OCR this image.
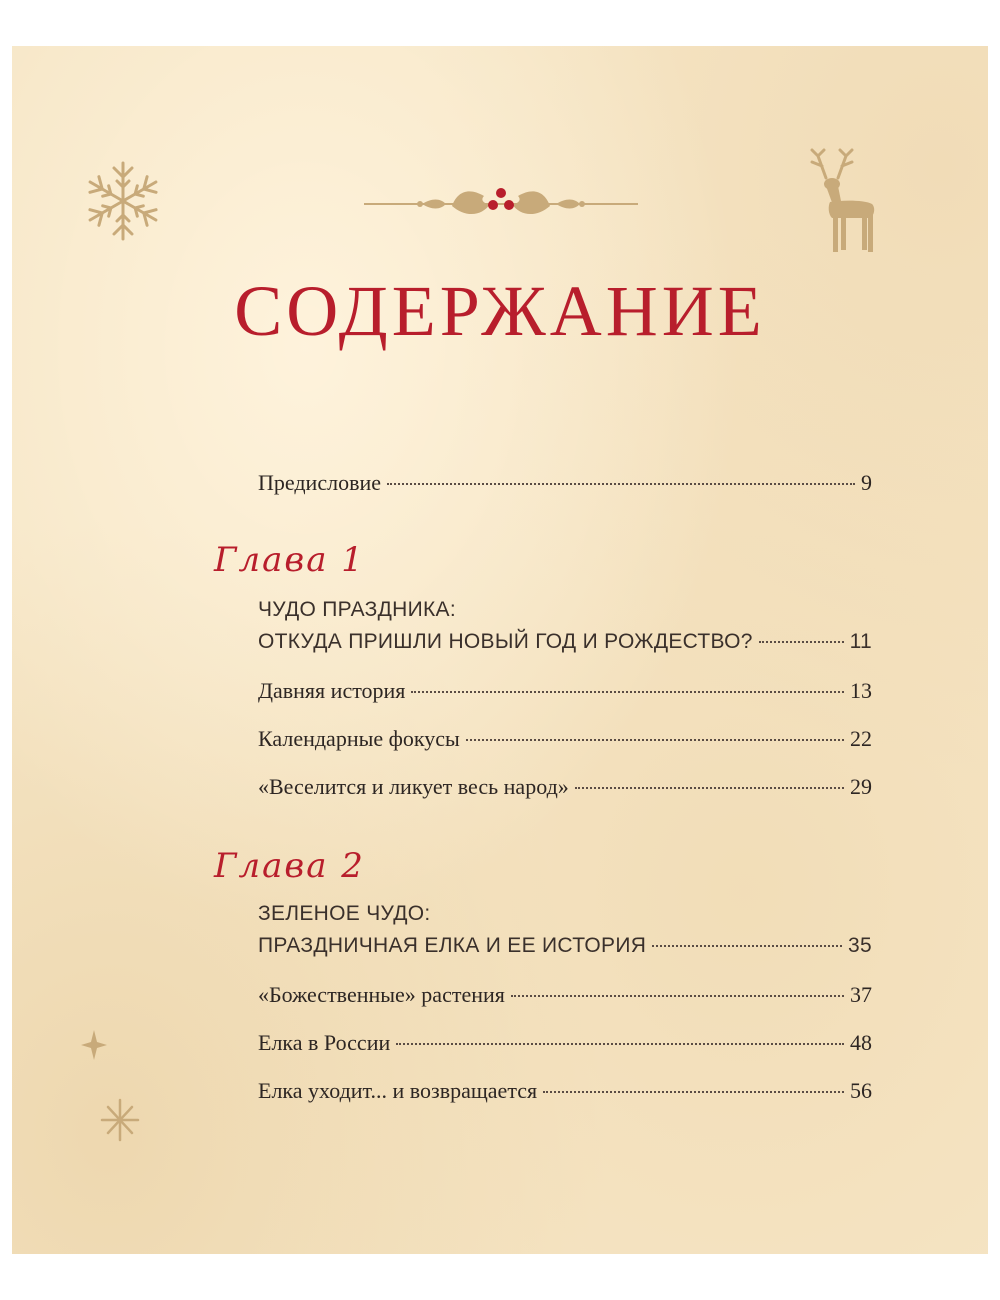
СОДЕРЖАНИЕ
Предисловие	9
Глава 1
ЧУДО ПРАЗДНИКА:
ОТКУДА ПРИШЛИ НОВЫЙ ГОД И РОЖДЕСТВО?	11
Давняя история	13
Календарные фокусы	22
«Веселится и ликует весь народ»	29
Глава 2
ЗЕЛЕНОЕ ЧУДО:
ПРАЗДНИЧНАЯ ЕЛКА И ЕЕ ИСТОРИЯ	35
«Божественные» растения	37
Елка в России	48
Елка уходит... и возвращается	56
